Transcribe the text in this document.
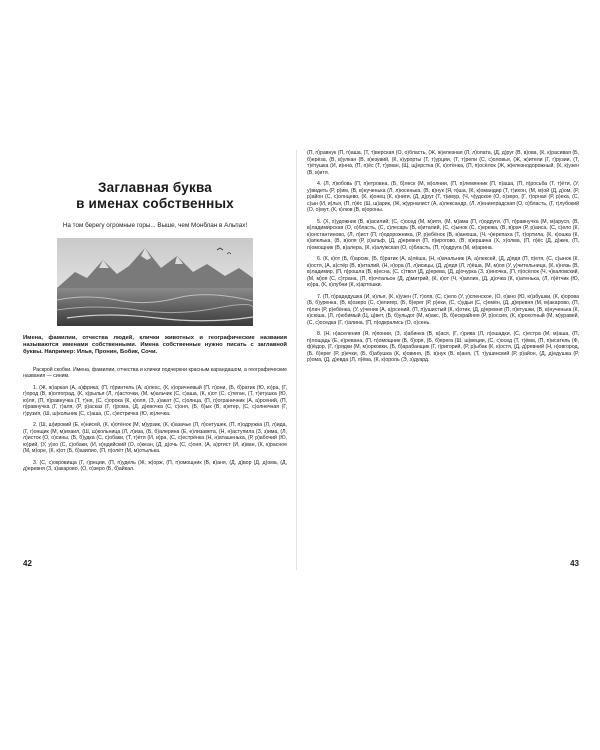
Заглавная буква
в именах собственных

На том берегу огромные горы... Выше, чем Монблан в Альпах!

Имена, фамилии, отчества людей, клички животных и географические названия называются именами собственными. Имена собственные нужно писать с заглавной буквы. Например: Илья, Пронин, Бобик, Сочи.

Раскрой скобки. Имена, фамилии, отчества и клички подчеркни красным карандашом, а географические названия — синим.

1. (Ж, ж)аркая (А, а)фрика, (П, п)ринтель (А, а)леxс, (К, к)оричневый (П, п)они, (Б, б)ратик (Ю, ю)ра, (Г, г)ород (В, в)олгоград, (К, к)рылья (Л, л)асточки, (М, м)альчик (С, с)аша, (К, к)от (С, с)теган, (Т, т)етушка (Ю, ю)ля, (П, п)равнучка (Т, т)ня, (С, с)орока (К, к)оля, (З, з)акат (С, с)олнца, (П, п)ограничник (А, а)рсений, (П, п)равнучка (Г, г)аля, (Р, р)асказ (Г, г)рома, (Д, д)евочка (С, с)оня, (Б, б)ык (В, в)етер, (С, с)олнечная (Г, г)рузия, (Ш, ш)кольник (С, с)аша, (С, с)естричка (Ю, ю)лечка.

2. (Ш, ш)ирокий (Е, е)нисей, (К, к)отёнок (М, м)урзик, (К, к)азачье (Л, л)онтушек, (П, п)одружка (Л, л)ида, (Г, г)онщик (М, м)ихаил, (Ш, ш)кольница (Л, л)иза, (Б, б)алерина (Е, е)лизавета, (Н, н)аступила (З, з)има, (Л, л)исток (О, о)сины, (Б, б)удка (С, с)обаки, (Т, т)ётя (И, и)ра, (С, с)естрёнка (Н, н)аташенька, (Р, р)абочий (Ю, ю)рий, (У, у)хо (С, с)обаки, (И, и)ндийский (О, о)кеан, (Д, д)очь (С, с)оня, (А, а)ртист (И, и)ван, (К, к)расное (М, м)оре, (К, к)от (Б, б)азилио, (П, п)олёт (М, м)отылька.

3. (С, с)окровища (Г, г)реции, (П, п)удель (Ж, ж)орж, (П, п)омощник (В, в)аня, (Д, д)вор (Д, д)ома, (Д, д)еревня (З, з)акарово, (О, о)зеро (Б, б)айкал.

(П, п)равнук (П, п)аша, (Т, т)верская (О, о)бласть, (Ж, ж)елезная (Л, л)опата, (Д, д)руг (В, в)ова, (К, к)расивая (Б, б)ерёза, (В, в)улкан (В, в)езувий, (К, к)урорты (Т, т)урции, (Т, т)репи (С, с)оловья, (Ж, ж)ители (Г, г)рузии, (Т, т)ётушка (И, и)нна, (П, п)ёс (Т, т)уман, (Щ, щ)ерстка (К, к)отёнка, (П, п)осёлок (Ж, ж)елезнодорожный, (К, к)узен (В, в)итя.

4. (Л, л)юбовь (П, п)етровна, (Б, б)леск (М, м)олнии, (П, п)лемянник (П, п)аша, (П, п)росьба (Т, т)ёти, (У, у)видеть (Р, р)им, (В, в)нученька (Л, л)юсенька, (В, в)нук (Я, я)ша, (К, к)омандир (Т, т)ихон, (М, м)ой (Д, д)ом, (Р, р)айон (С, с)олнцево, (К, к)онец (К, к)ниги, (Д, д)руг (Т, т)имур, (Ч, ч)удское (О, о)зеро, (Г, г)орная (Р, р)ека, (С, с)ын (И, и)лья, (П, п)ёс (Ш, ш)арик, (Ж, ж)урналист (А, а)лександр, (Л, л)енинградская (О, о)бласть, (Г, г)лубокий (О, о)мут, (К, к)люв (В, в)ороны.

5. (Х, х)удожник (В, в)асилий, (С, с)осед (М, м)итя, (М, м)ама (П, п)одруги, (П, п)равнучка (М, м)аруся, (В, в)ладимирская (О, о)бласть, (С, с)лесарь (В, в)италий, (С, с)ынок (С, с)ережа, (В, в)рач (Р, р)аиса, (С, с)ело (К, к)онстантиново, (Л, л)ист (П, п)одорожника, (Р, р)ебёнок (В, в)анюша, (Ч, ч)ерепаха (Т, т)ортила, (К, к)ошка (К, к)апелька, (В, в)оля (Р, р)альф, (Д, д)еревня (П, п)ирогово, (В, в)ершина (Х, х)олма, (П, п)ёс (Д, д)жек, (П, п)омощник (В, в)алера, (К, к)алужская (О, о)бласть, (П, п)одруга (М, м)арина.

6. (К, к)от (Б, б)арсик, (Б, б)ратик (А, а)лёша, (Н, н)ачальник (А, а)лексей, (Д, д)ядя (П, п)етя, (С, с)ынок (К, к)остя, (А, а)стёр (В, в)италий, (Н, н)ора (Л, л)исицы, (Д, д)ядя (Л, л)ёша, (М, м)оя (У, у)чительница, (К, к)нязь (В, в)ладимир, (П, п)рошла (В, в)есна, (С, с)твол (Д, д)ерева, (Д, д)очурка (З, з)иночка, (П, п)осёлок (Ч, ч)каловский, (М, м)оя (С, с)трана, (П, п)очтальон (Д, д)митрий, (К, к)от (Ч, ч)аплин, (Д, д)очка (К, к)атенька, (Л, л)ётчик (Ю, ю)ра, (К, к)лубни (К, к)артошки.

7. (П, п)радедушка (И, и)лья, (К, к)узен (Т, т)оля, (С, с)ело (У, у)спенское, (О, о)кно (Ю, ю)збушки, (К, к)орова (Б, б)уренка, (В, в)озеро (С, с)елигер, (Б, б)ерег (Р, р)еки, (С, с)удьи (С, с)емён, (Д, д)еревня (М, м)акарово, (П, п)лач (Р, р)ебёнка, (У, у)ченик (А, а)рсений, (П, п)ушистый (К, к)отик, (Д, д)еревня (П, п)етушки, (В, в)нученька (К, к)сюша, (Л, л)юбимый (Ц, ц)вет, (Б, б)ульдог (М, м)акс, (Б, б)ескрайняя (Р, р)оссия, (К, к)рохотный (М, м)уравей, (С, с)оседка (Г, г)алина, (П, п)одкрались (О, о)сень.

8. (Н, н)аселения (Я, я)понии, (З, з)абинка (В, в)ася, (Г, г)рива (Л, л)ошадки, (С, с)естра (М, м)аша, (П, п)лощадь (Е, е)ревана, (П, п)омощник (Б, б)оря, (Б, б)ерега (Ш, ш)веции, (С, с)осед (Т, т)ёма, (П, п)исатель (Ф, ф)ёдор, (Г, г)рядки (М, м)орковки, (Б, б)арабанщик (Г, г)ригорий, (Р, р)ыбак (К, к)остя, (Д, д)ревний (Н, н)овгород, (Б, б)ерег (Р, р)ечки, (Б, б)абушка (К, к)овиня, (В, в)нук (В, в)аня, (Т, т)ушинский (Р, р)айон, (Д, д)едушка (Р, р)ома, (Д, д)евда (Л, л)ёва, (К, к)ороль (Э, э)дуард.

42	43
